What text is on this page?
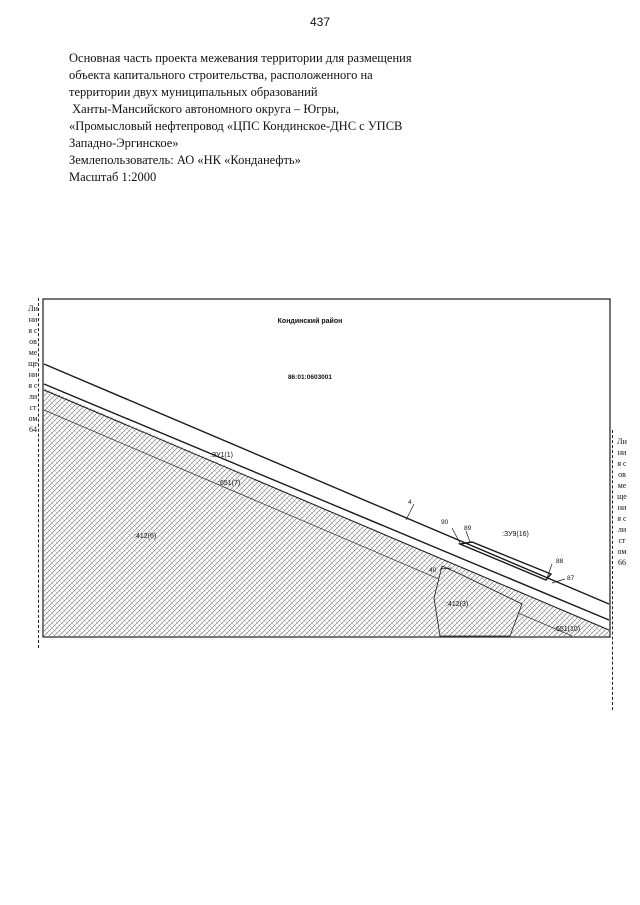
437
Основная часть проекта межевания территории для размещения
объекта капитального строительства, расположенного на
территории двух муниципальных образований
Ханты-Мансийского автономного округа – Югры,
«Промысловый нефтепровод «ЦПС Кондинское-ДНС с УПСВ
Западно-Эргинское»
Землепользователь: АО «НК «Конданефть»
Масштаб 1:2000
Линия совмещения с листом 64
Линия совмещения с листом 66
Кондинский район
86:01:0603001
:ЗУ1(1)
:651(7)
:412(6)	:ЗУ9(16)
:412(3)
:651(10)
4
90
89
88
87
40
